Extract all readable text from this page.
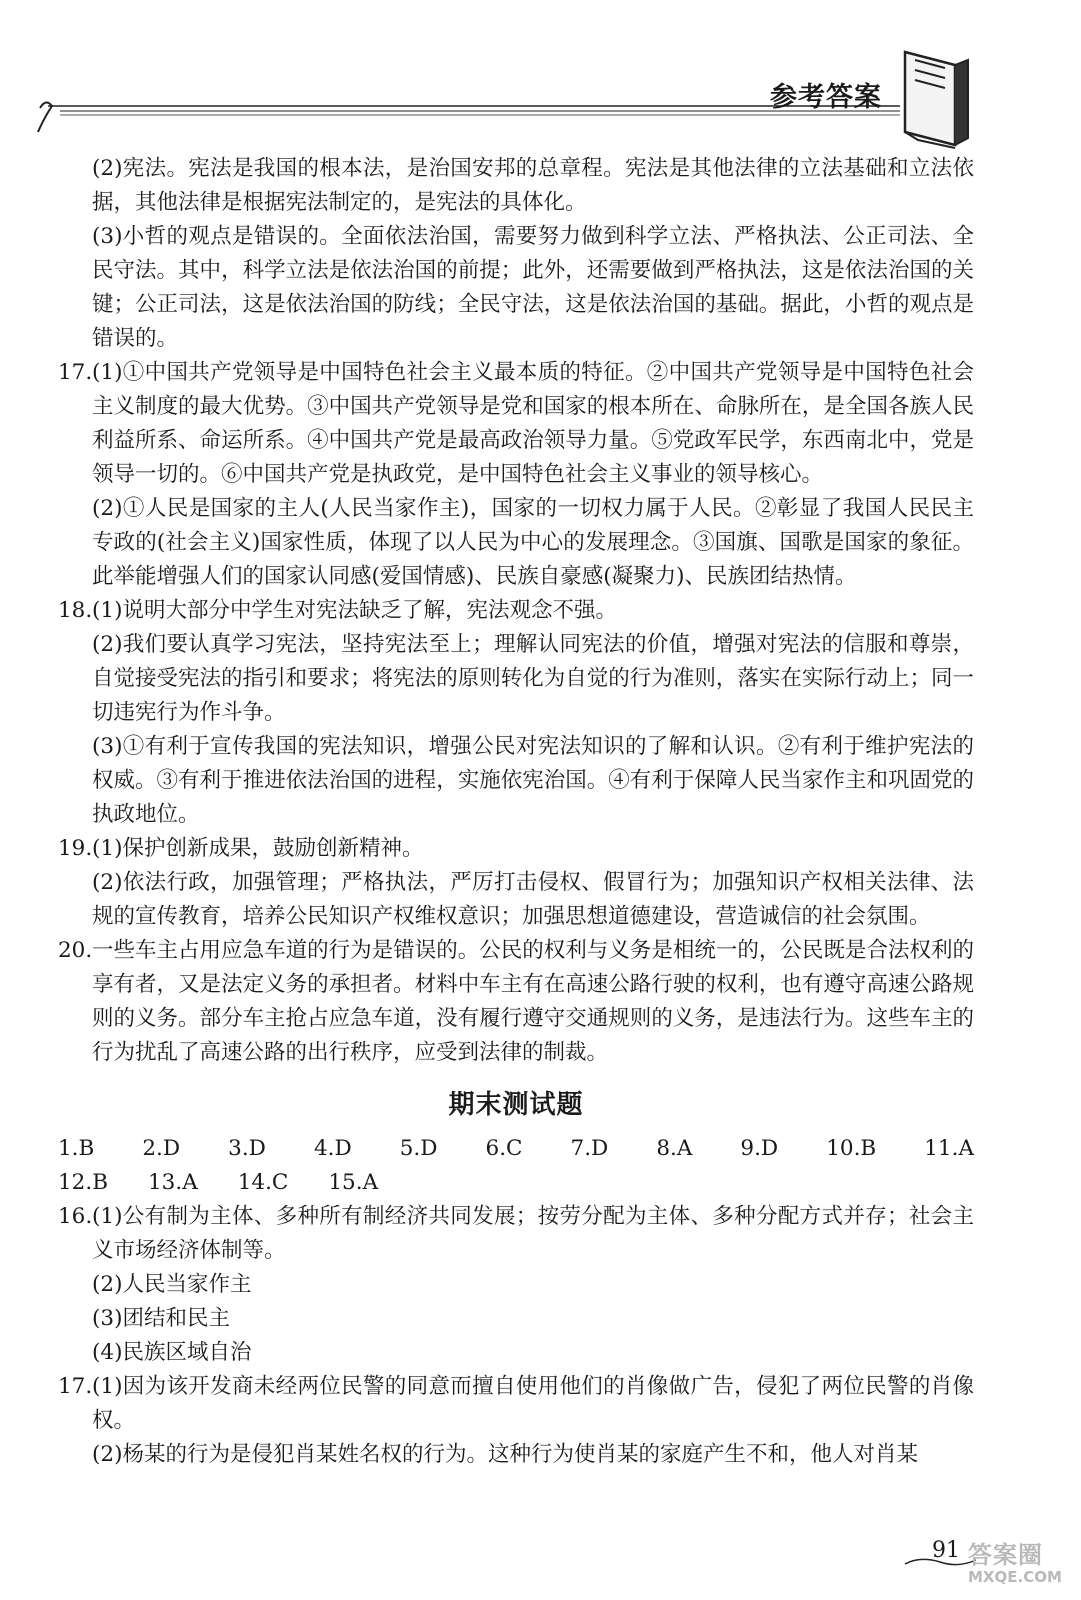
参考答案

(2)宪法。宪法是我国的根本法，是治国安邦的总章程。宪法是其他法律的立法基础和立法依据，其他法律是根据宪法制定的，是宪法的具体化。

(3)小哲的观点是错误的。全面依法治国，需要努力做到科学立法、严格执法、公正司法、全民守法。其中，科学立法是依法治国的前提；此外，还需要做到严格执法，这是依法治国的关键；公正司法，这是依法治国的防线；全民守法，这是依法治国的基础。据此，小哲的观点是错误的。

17. (1)①中国共产党领导是中国特色社会主义最本质的特征。②中国共产党领导是中国特色社会主义制度的最大优势。③中国共产党领导是党和国家的根本所在、命脉所在，是全国各族人民利益所系、命运所系。④中国共产党是最高政治领导力量。⑤党政军民学，东西南北中，党是领导一切的。⑥中国共产党是执政党，是中国特色社会主义事业的领导核心。

(2)①人民是国家的主人(人民当家作主)，国家的一切权力属于人民。②彰显了我国人民民主专政的(社会主义)国家性质，体现了以人民为中心的发展理念。③国旗、国歌是国家的象征。此举能增强人们的国家认同感(爱国情感)、民族自豪感(凝聚力)、民族团结热情。

18. (1)说明大部分中学生对宪法缺乏了解，宪法观念不强。

(2)我们要认真学习宪法，坚持宪法至上；理解认同宪法的价值，增强对宪法的信服和尊崇，自觉接受宪法的指引和要求；将宪法的原则转化为自觉的行为准则，落实在实际行动上；同一切违宪行为作斗争。

(3)①有利于宣传我国的宪法知识，增强公民对宪法知识的了解和认识。②有利于维护宪法的权威。③有利于推进依法治国的进程，实施依宪治国。④有利于保障人民当家作主和巩固党的执政地位。

19. (1)保护创新成果，鼓励创新精神。

(2)依法行政，加强管理；严格执法，严厉打击侵权、假冒行为；加强知识产权相关法律、法规的宣传教育，培养公民知识产权维权意识；加强思想道德建设，营造诚信的社会氛围。

20. 一些车主占用应急车道的行为是错误的。公民的权利与义务是相统一的，公民既是合法权利的享有者，又是法定义务的承担者。材料中车主有在高速公路行驶的权利，也有遵守高速公路规则的义务。部分车主抢占应急车道，没有履行遵守交通规则的义务，是违法行为。这些车主的行为扰乱了高速公路的出行秩序，应受到法律的制裁。

期末测试题
1.B 2.D 3.D 4.D 5.D 6.C 7.D 8.A 9.D 10.B 11.A
12.B 13.A 14.C 15.A
16. (1)公有制为主体、多种所有制经济共同发展；按劳分配为主体、多种分配方式并存；社会主义市场经济体制等。

(2)人民当家作主

(3)团结和民主

(4)民族区域自治

17. (1)因为该开发商未经两位民警的同意而擅自使用他们的肖像做广告，侵犯了两位民警的肖像权。

(2)杨某的行为是侵犯肖某姓名权的行为。这种行为使肖某的家庭产生不和，他人对肖某

91 答案圈
MXQE.COM
